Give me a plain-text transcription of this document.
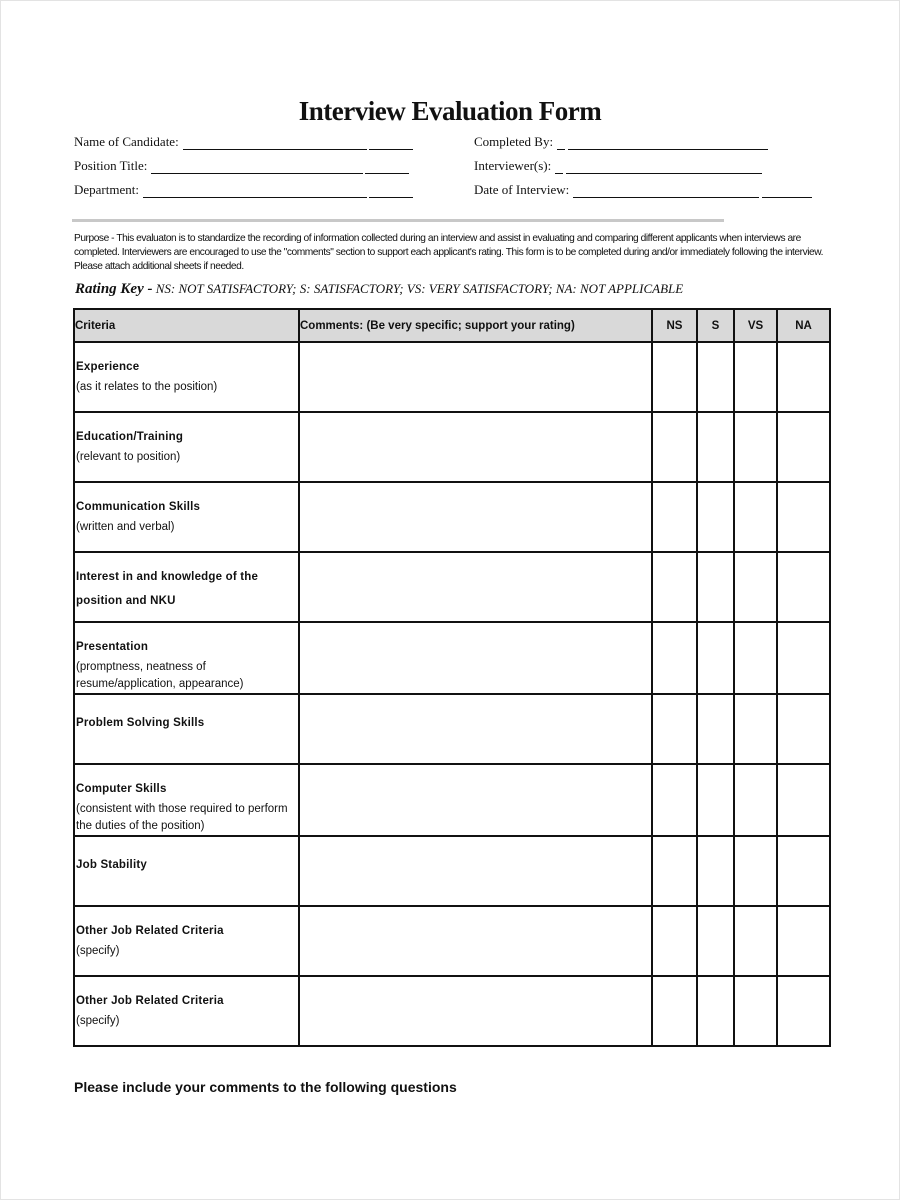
Interview Evaluation Form
Name of Candidate:
Position Title:
Department:
Completed By:
Interviewer(s):
Date of Interview:
Purpose - This evaluaton is to standardize the recording of information collected during an interview and assist in evaluating and comparing different applicants when interviews are completed. Interviewers are encouraged to use the "comments" section to support each applicant's rating. This form is to be completed during and/or immediately following the interview. Please attach additional sheets if needed.
Rating Key - NS: NOT SATISFACTORY; S: SATISFACTORY; VS: VERY SATISFACTORY; NA: NOT APPLICABLE
Criteria	Comments: (Be very specific; support your rating)	NS	S	VS	NA

Experience
(as it relates to the position)					

Education/Training
(relevant to position)					

Communication Skills
(written and verbal)					

Interest in and knowledge of the position and NKU					

Presentation
(promptness, neatness of resume/application, appearance)					

Problem Solving Skills					

Computer Skills
(consistent with those required to perform the duties of the position)					

Job Stability					

Other Job Related Criteria
(specify)					

Other Job Related Criteria
(specify)					

Please include your comments to the following questions
